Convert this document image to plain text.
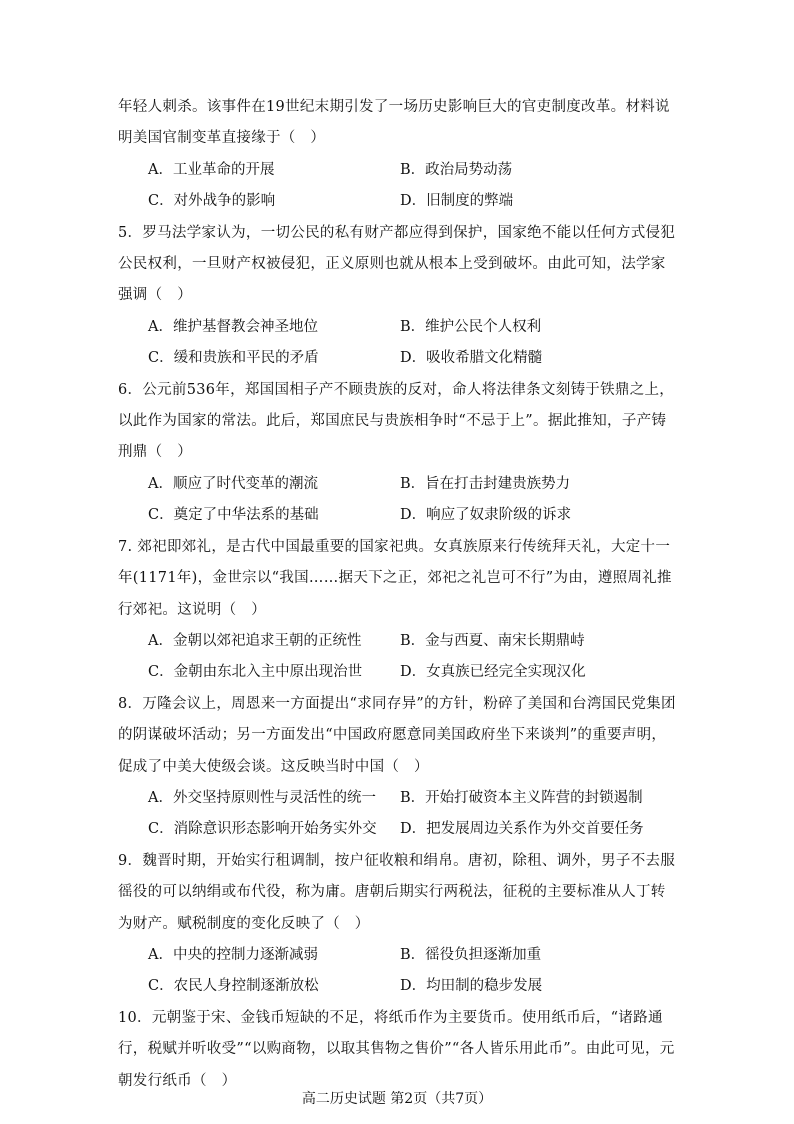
年轻人刺杀。该事件在19世纪末期引发了一场历史影响巨大的官吏制度改革。材料说明美国官制变革直接缘于（　）

A．工业革命的开展	B．政治局势动荡
C．对外战争的影响	D．旧制度的弊端

5．罗马法学家认为，一切公民的私有财产都应得到保护，国家绝不能以任何方式侵犯公民权利，一旦财产权被侵犯，正义原则也就从根本上受到破坏。由此可知，法学家强调（　）

A．维护基督教会神圣地位	B．维护公民个人权利
C．缓和贵族和平民的矛盾	D．吸收希腊文化精髓

6．公元前536年，郑国国相子产不顾贵族的反对，命人将法律条文刻铸于铁鼎之上，以此作为国家的常法。此后，郑国庶民与贵族相争时“不忌于上”。据此推知，子产铸刑鼎（　）

A．顺应了时代变革的潮流	B．旨在打击封建贵族势力
C．奠定了中华法系的基础	D．响应了奴隶阶级的诉求

7. 郊祀即郊礼，是古代中国最重要的国家祀典。女真族原来行传统拜天礼，大定十一年(1171年)，金世宗以“我国……据天下之正，郊祀之礼岂可不行”为由，遵照周礼推行郊祀。这说明（　）

A．金朝以郊祀追求王朝的正统性	B．金与西夏、南宋长期鼎峙
C．金朝由东北入主中原出现治世	D．女真族已经完全实现汉化

8．万隆会议上，周恩来一方面提出“求同存异”的方针，粉碎了美国和台湾国民党集团的阴谋破坏活动；另一方面发出“中国政府愿意同美国政府坐下来谈判”的重要声明，促成了中美大使级会谈。这反映当时中国（　）

A．外交坚持原则性与灵活性的统一	B．开始打破资本主义阵营的封锁遏制
C．消除意识形态影响开始务实外交	D．把发展周边关系作为外交首要任务

9．魏晋时期，开始实行租调制，按户征收粮和绢帛。唐初，除租、调外，男子不去服徭役的可以纳绢或布代役，称为庸。唐朝后期实行两税法，征税的主要标准从人丁转为财产。赋税制度的变化反映了（　）

A．中央的控制力逐渐减弱	B．徭役负担逐渐加重
C．农民人身控制逐渐放松	D．均田制的稳步发展

10．元朝鉴于宋、金钱币短缺的不足，将纸币作为主要货币。使用纸币后，“诸路通行，税赋并听收受”“以购商物，以取其售物之售价”“各人皆乐用此币”。由此可见，元朝发行纸币（　）

高二历史试题 第2页（共7页）
